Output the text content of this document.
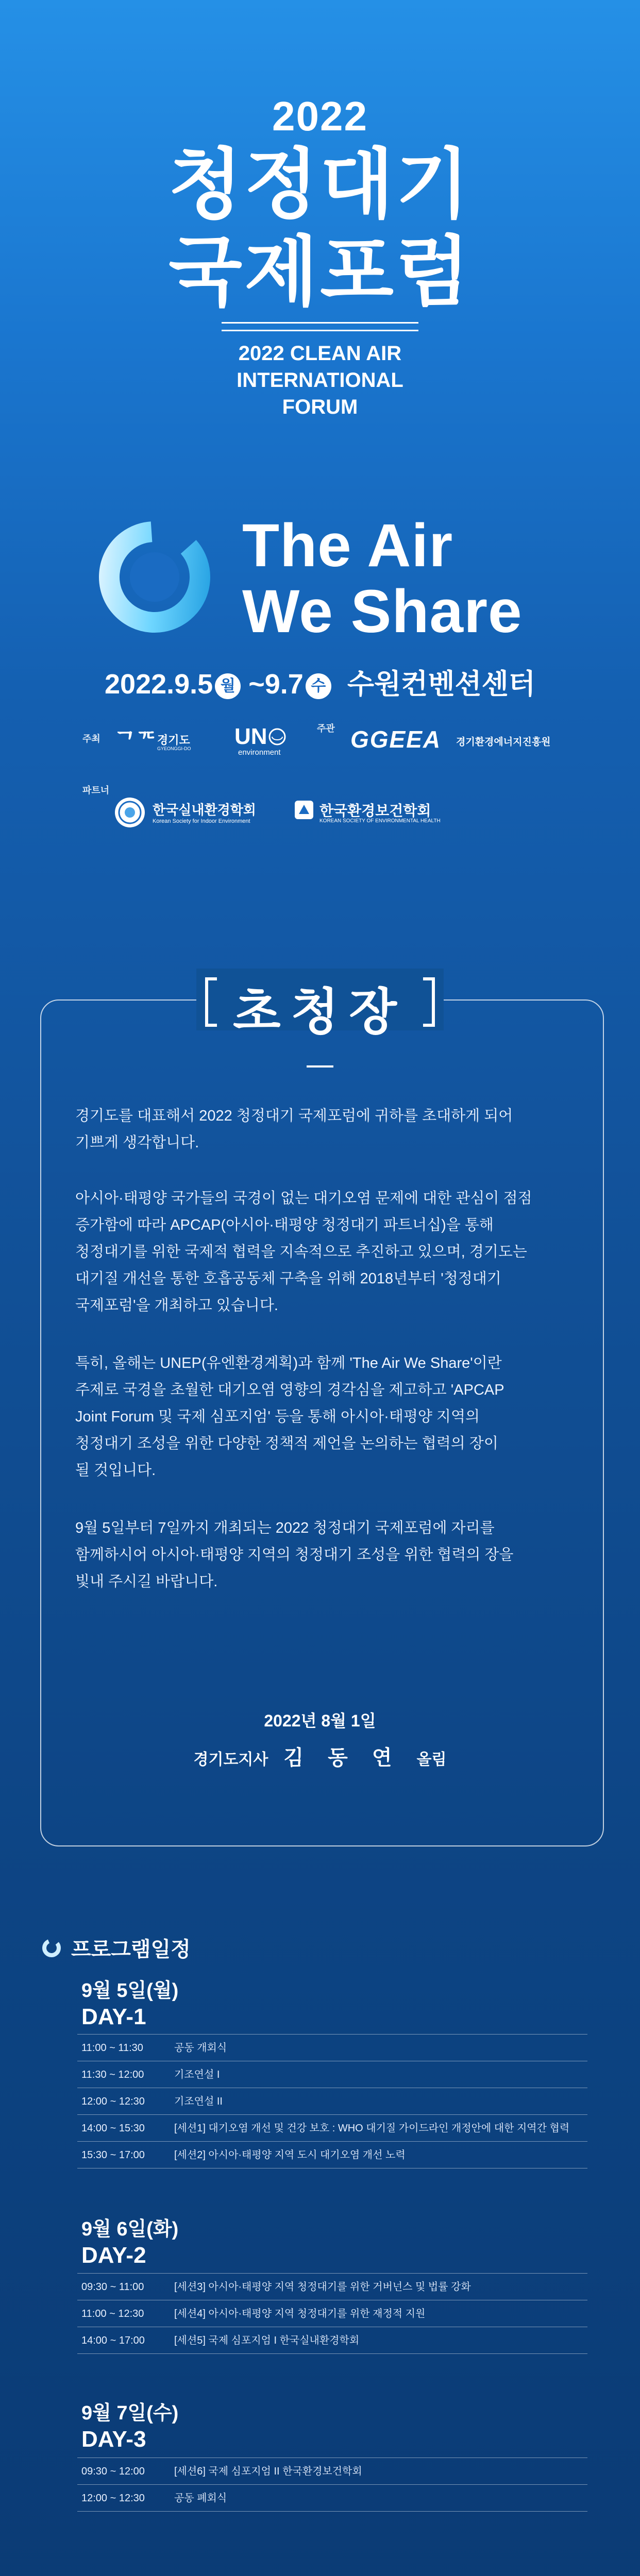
2022
청정대기
국제포럼
2022 CLEAN AIR
INTERNATIONAL
FORUM
The Air
We Share
2022.9.5 월 ~9.7 수 수원컨벤션센터
주최 ᄀᄀᄃ 경기도
GYEONGGI-DO UN
environment
주관 GGEEA 경기환경에너지진흥원
파트너
한국실내환경학회
Korean Society for Indoor Environment
한국환경보건학회
KOREAN SOCIETY OF ENVIRONMENTAL HEALTH
초청장
경기도를 대표해서 2022 청정대기 국제포럼에 귀하를 초대하게 되어
기쁘게 생각합니다.
아시아·태평양 국가들의 국경이 없는 대기오염 문제에 대한 관심이 점점
증가함에 따라 APCAP(아시아·태평양 청정대기 파트너십)을 통해
청정대기를 위한 국제적 협력을 지속적으로 추진하고 있으며, 경기도는
대기질 개선을 통한 호흡공동체 구축을 위해 2018년부터 '청정대기
국제포럼'을 개최하고 있습니다.
특히, 올해는 UNEP(유엔환경계획)과 함께 'The Air We Share'이란
주제로 국경을 초월한 대기오염 영향의 경각심을 제고하고 'APCAP
Joint Forum 및 국제 심포지엄' 등을 통해 아시아·태평양 지역의
청정대기 조성을 위한 다양한 정책적 제언을 논의하는 협력의 장이
될 것입니다.
9월 5일부터 7일까지 개최되는 2022 청정대기 국제포럼에 자리를
함께하시어 아시아·태평양 지역의 청정대기 조성을 위한 협력의 장을
빛내 주시길 바랍니다.
2022년 8월 1일
경기도지사 김 동 연 올림
프로그램일정
9월 5일(월)
DAY-1
11:00 ~ 11:30	공동 개회식
11:30 ~ 12:00	기조연설 I
12:00 ~ 12:30	기조연설 II
14:00 ~ 15:30	[세션1] 대기오염 개선 및 건강 보호 : WHO 대기질 가이드라인 개정안에 대한 지역간 협력
15:30 ~ 17:00	[세션2] 아시아·태평양 지역 도시 대기오염 개선 노력
9월 6일(화)
DAY-2
09:30 ~ 11:00	[세션3] 아시아·태평양 지역 청정대기를 위한 거버넌스 및 법률 강화
11:00 ~ 12:30	[세션4] 아시아·태평양 지역 청정대기를 위한 재정적 지원
14:00 ~ 17:00	[세션5] 국제 심포지엄 I 한국실내환경학회
9월 7일(수)
DAY-3
09:30 ~ 12:00	[세션6] 국제 심포지엄 II 한국환경보건학회
12:00 ~ 12:30	공동 폐회식
